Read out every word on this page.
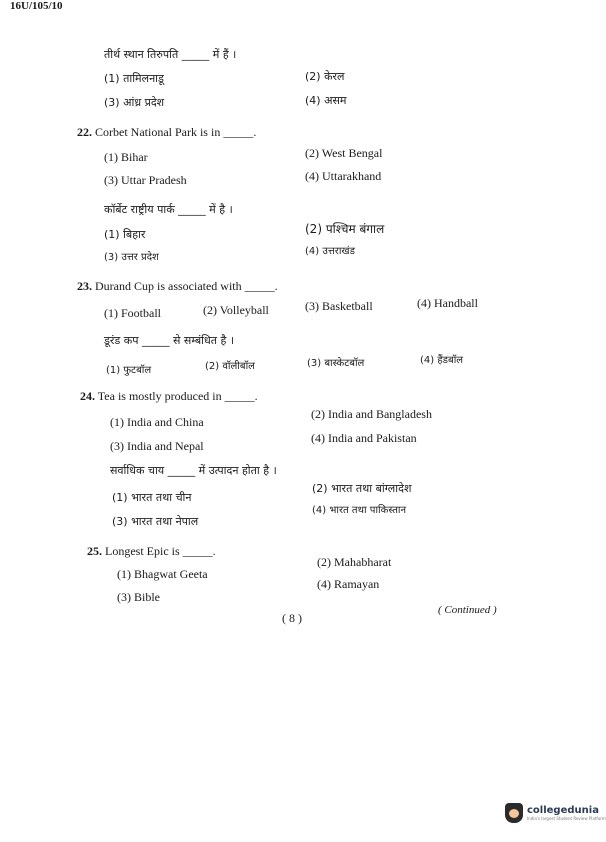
16U/105/10
तीर्थ स्थान तिरुपति _____ में हैं ।
(1) तामिलनाडू	(2) केरल
(3) आंध्र प्रदेश	(4) असम
22. Corbet National Park is in _____.
(1) Bihar	(2) West Bengal
(3) Uttar Pradesh	(4) Uttarakhand
कॉर्बेट राष्ट्रीय पार्क _____ में है ।
(1) बिहार	(2) पश्चिम बंगाल
(3) उत्तर प्रदेश
(4) उत्तराखंड
23. Durand Cup is associated with _____.
(1) Football	(2) Volleyball	(3) Basketball	(4) Handball
डूरंड कप _____ से सम्बंधित है ।
(1) फुटबॉल	(2) वॉलीबॉल	(3) बास्केटबॉल	(4) हैंडबॉल
24. Tea is mostly produced in _____.
(1) India and China
(2) India and Bangladesh
(3) India and Nepal
(4) India and Pakistan
सर्वाधिक चाय _____ में उत्पादन होता है ।
(1) भारत तथा चीन
(2) भारत तथा बांग्लादेश
(3) भारत तथा नेपाल
(4) भारत तथा पाकिस्तान
25. Longest Epic is _____.
(1) Bhagwat Geeta
(2) Mahabharat
(3) Bible
(4) Ramayan
( 8 )
( Continued )
collegedunia
India's largest Student Review Platform
